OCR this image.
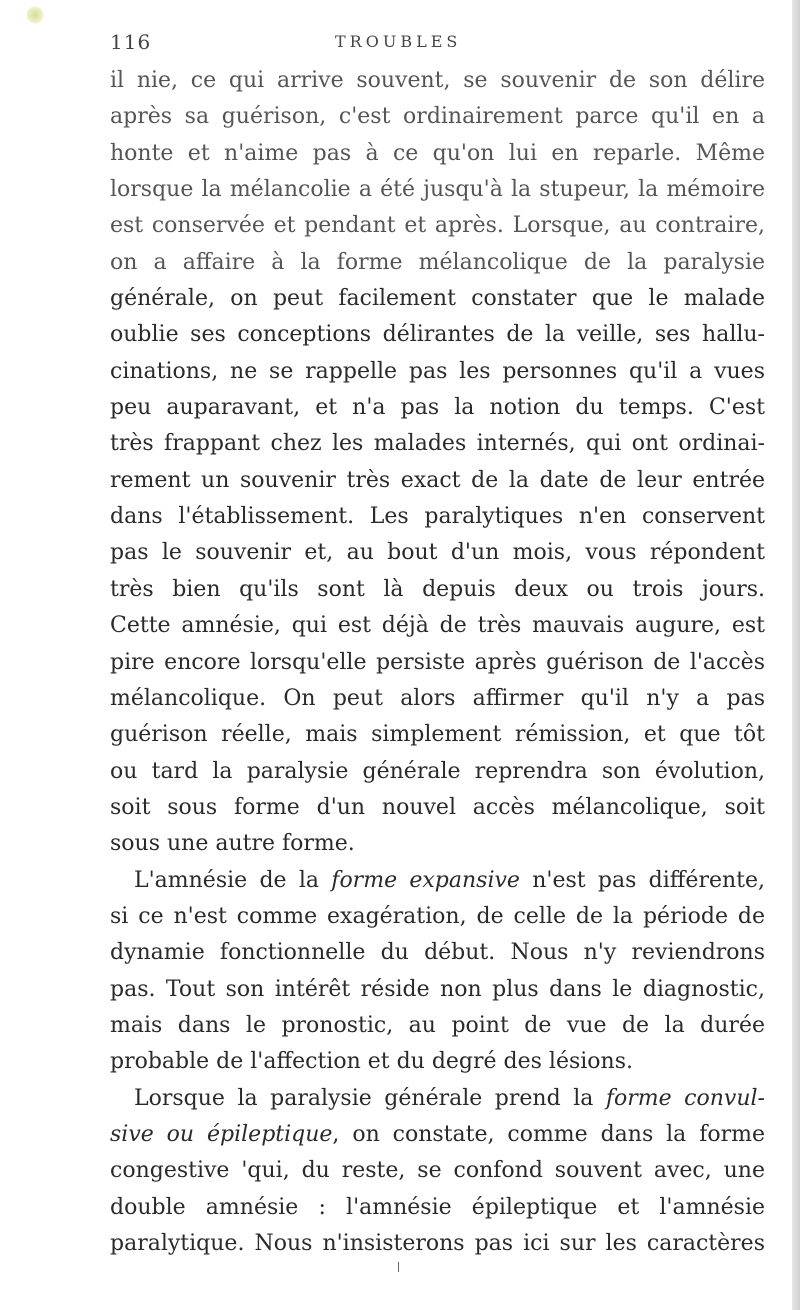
116	TROUBLES
il nie, ce qui arrive souvent, se souvenir de son délire
après sa guérison, c'est ordinairement parce qu'il en a
honte et n'aime pas à ce qu'on lui en reparle. Même
lorsque la mélancolie a été jusqu'à la stupeur, la mémoire
est conservée et pendant et après. Lorsque, au contraire,
on a affaire à la forme mélancolique de la paralysie
générale, on peut facilement constater que le malade
oublie ses conceptions délirantes de la veille, ses hallu-
cinations, ne se rappelle pas les personnes qu'il a vues
peu auparavant, et n'a pas la notion du temps. C'est
très frappant chez les malades internés, qui ont ordinai-
rement un souvenir très exact de la date de leur entrée
dans l'établissement. Les paralytiques n'en conservent
pas le souvenir et, au bout d'un mois, vous répondent
très bien qu'ils sont là depuis deux ou trois jours.
Cette amnésie, qui est déjà de très mauvais augure, est
pire encore lorsqu'elle persiste après guérison de l'accès
mélancolique. On peut alors affirmer qu'il n'y a pas
guérison réelle, mais simplement rémission, et que tôt
ou tard la paralysie générale reprendra son évolution,
soit sous forme d'un nouvel accès mélancolique, soit
sous une autre forme.
L'amnésie de la forme expansive n'est pas différente,
si ce n'est comme exagération, de celle de la période de
dynamie fonctionnelle du début. Nous n'y reviendrons
pas. Tout son intérêt réside non plus dans le diagnostic,
mais dans le pronostic, au point de vue de la durée
probable de l'affection et du degré des lésions.
Lorsque la paralysie générale prend la forme convul-
sive ou épileptique, on constate, comme dans la forme
congestive 'qui, du reste, se confond souvent avec, une
double amnésie : l'amnésie épileptique et l'amnésie
paralytique. Nous n'insisterons pas ici sur les caractères
